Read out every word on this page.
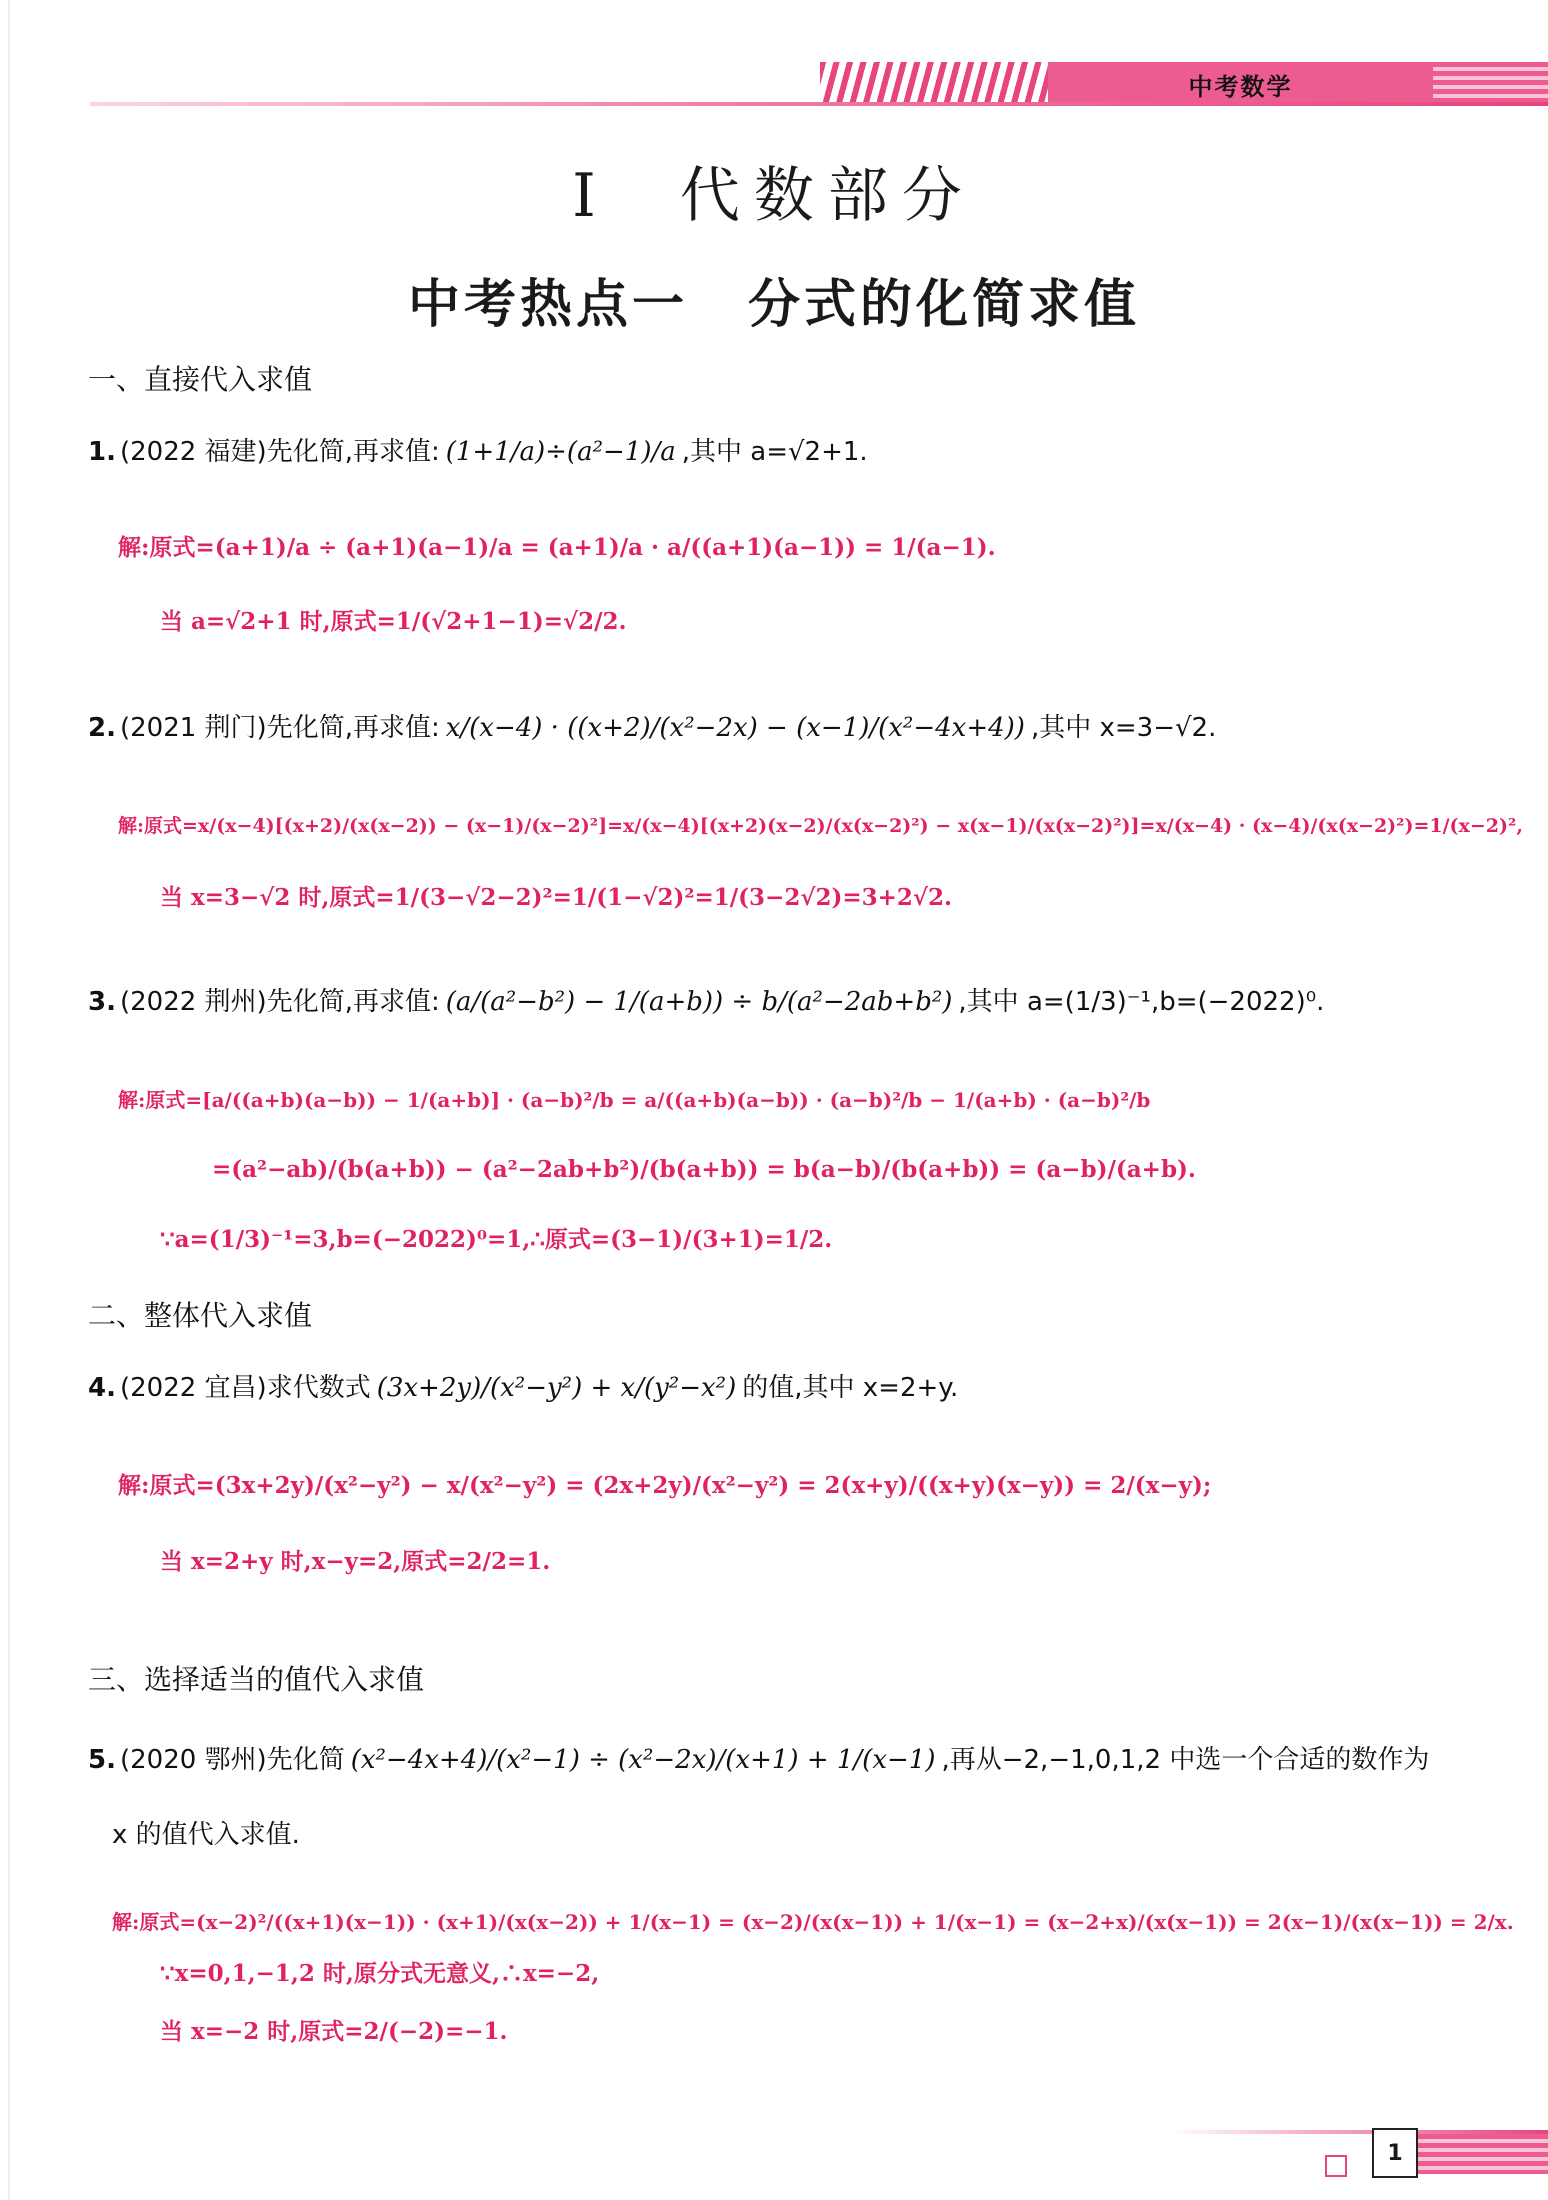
中考数学
I 代数部分
中考热点一 分式的化简求值
一、直接代入求值
1. (2022 福建)先化简,再求值: (1+1/a)÷(a²−1)/a ,其中 a=√2+1.
解:原式=(a+1)/a ÷ (a+1)(a−1)/a = (a+1)/a · a/((a+1)(a−1)) = 1/(a−1).
当 a=√2+1 时,原式=1/(√2+1−1)=√2/2.
2. (2021 荆门)先化简,再求值: x/(x−4) · ((x+2)/(x²−2x) − (x−1)/(x²−4x+4)) ,其中 x=3−√2.
解:原式=x/(x−4)[(x+2)/(x(x−2)) − (x−1)/(x−2)²]=x/(x−4)[(x+2)(x−2)/(x(x−2)²) − x(x−1)/(x(x−2)²)]=x/(x−4) · (x−4)/(x(x−2)²)=1/(x−2)²,
当 x=3−√2 时,原式=1/(3−√2−2)²=1/(1−√2)²=1/(3−2√2)=3+2√2.
3. (2022 荆州)先化简,再求值: (a/(a²−b²) − 1/(a+b)) ÷ b/(a²−2ab+b²) ,其中 a=(1/3)⁻¹,b=(−2022)⁰.
解:原式=[a/((a+b)(a−b)) − 1/(a+b)] · (a−b)²/b = a/((a+b)(a−b)) · (a−b)²/b − 1/(a+b) · (a−b)²/b
=(a²−ab)/(b(a+b)) − (a²−2ab+b²)/(b(a+b)) = b(a−b)/(b(a+b)) = (a−b)/(a+b).
∵a=(1/3)⁻¹=3,b=(−2022)⁰=1,∴原式=(3−1)/(3+1)=1/2.
二、整体代入求值
4. (2022 宜昌)求代数式 (3x+2y)/(x²−y²) + x/(y²−x²) 的值,其中 x=2+y.
解:原式=(3x+2y)/(x²−y²) − x/(x²−y²) = (2x+2y)/(x²−y²) = 2(x+y)/((x+y)(x−y)) = 2/(x−y);
当 x=2+y 时,x−y=2,原式=2/2=1.
三、选择适当的值代入求值
5. (2020 鄂州)先化简 (x²−4x+4)/(x²−1) ÷ (x²−2x)/(x+1) + 1/(x−1) ,再从−2,−1,0,1,2 中选一个合适的数作为
x 的值代入求值.
解:原式=(x−2)²/((x+1)(x−1)) · (x+1)/(x(x−2)) + 1/(x−1) = (x−2)/(x(x−1)) + 1/(x−1) = (x−2+x)/(x(x−1)) = 2(x−1)/(x(x−1)) = 2/x.
∵x=0,1,−1,2 时,原分式无意义,∴x=−2,
当 x=−2 时,原式=2/(−2)=−1.
1
